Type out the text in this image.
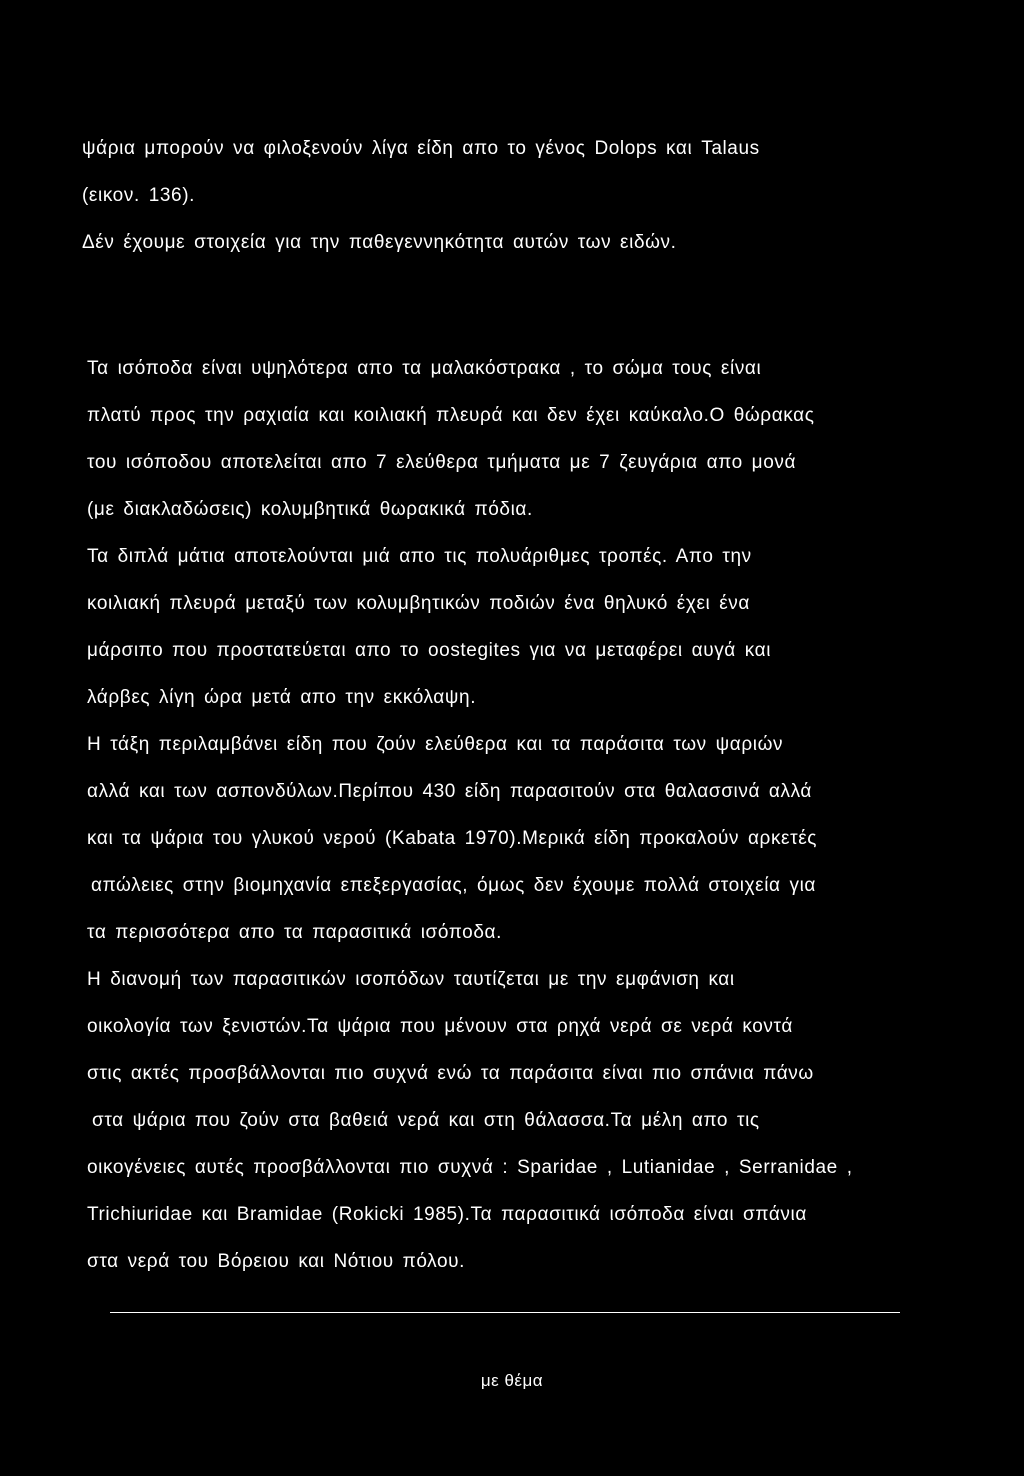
ψάρια μπορούν να φιλοξενούν λίγα είδη απο το γένος Dolops και Talaus
(εικον. 136).
Δέν έχουμε στοιχεία για την παθεγεννηκότητα αυτών των ειδών.
Τα ισόποδα είναι υψηλότερα απο τα μαλακόστρακα , το σώμα τους είναι
πλατύ προς την ραχιαία και κοιλιακή πλευρά και δεν έχει καύκαλο.Ο θώρακας
του ισόποδου αποτελείται απο 7 ελεύθερα τμήματα με 7 ζευγάρια απο μονά
(με διακλαδώσεις) κολυμβητικά θωρακικά πόδια.
Τα διπλά μάτια αποτελούνται μιά απο τις πολυάριθμες τροπές. Απο την
κοιλιακή πλευρά μεταξύ των κολυμβητικών ποδιών ένα θηλυκό έχει ένα
μάρσιπο που προστατεύεται απο το oostegites για να μεταφέρει αυγά και
λάρβες λίγη ώρα μετά απο την εκκόλαψη.
Η τάξη περιλαμβάνει είδη που ζούν ελεύθερα και τα παράσιτα των ψαριών
αλλά και των ασπονδύλων.Περίπου 430 είδη παρασιτούν στα θαλασσινά αλλά
και τα ψάρια του γλυκού νερού (Kabata 1970).Μερικά είδη προκαλούν αρκετές
απώλειες στην βιομηχανία επεξεργασίας, όμως δεν έχουμε πολλά στοιχεία για
τα περισσότερα απο τα παρασιτικά ισόποδα.
Η διανομή των παρασιτικών ισοπόδων ταυτίζεται με την εμφάνιση και
οικολογία των ξενιστών.Τα ψάρια που μένουν στα ρηχά νερά σε νερά κοντά
στις ακτές προσβάλλονται πιο συχνά ενώ τα παράσιτα είναι πιο σπάνια πάνω
στα ψάρια που ζούν στα βαθειά νερά και στη θάλασσα.Τα μέλη απο τις
οικογένειες αυτές προσβάλλονται πιο συχνά : Sparidae , Lutianidae , Serranidae ,
Trichiuridae και Bramidae (Rokicki 1985).Τα παρασιτικά ισόποδα είναι σπάνια
στα νερά του Βόρειου και Νότιου πόλου.
με θέμα
